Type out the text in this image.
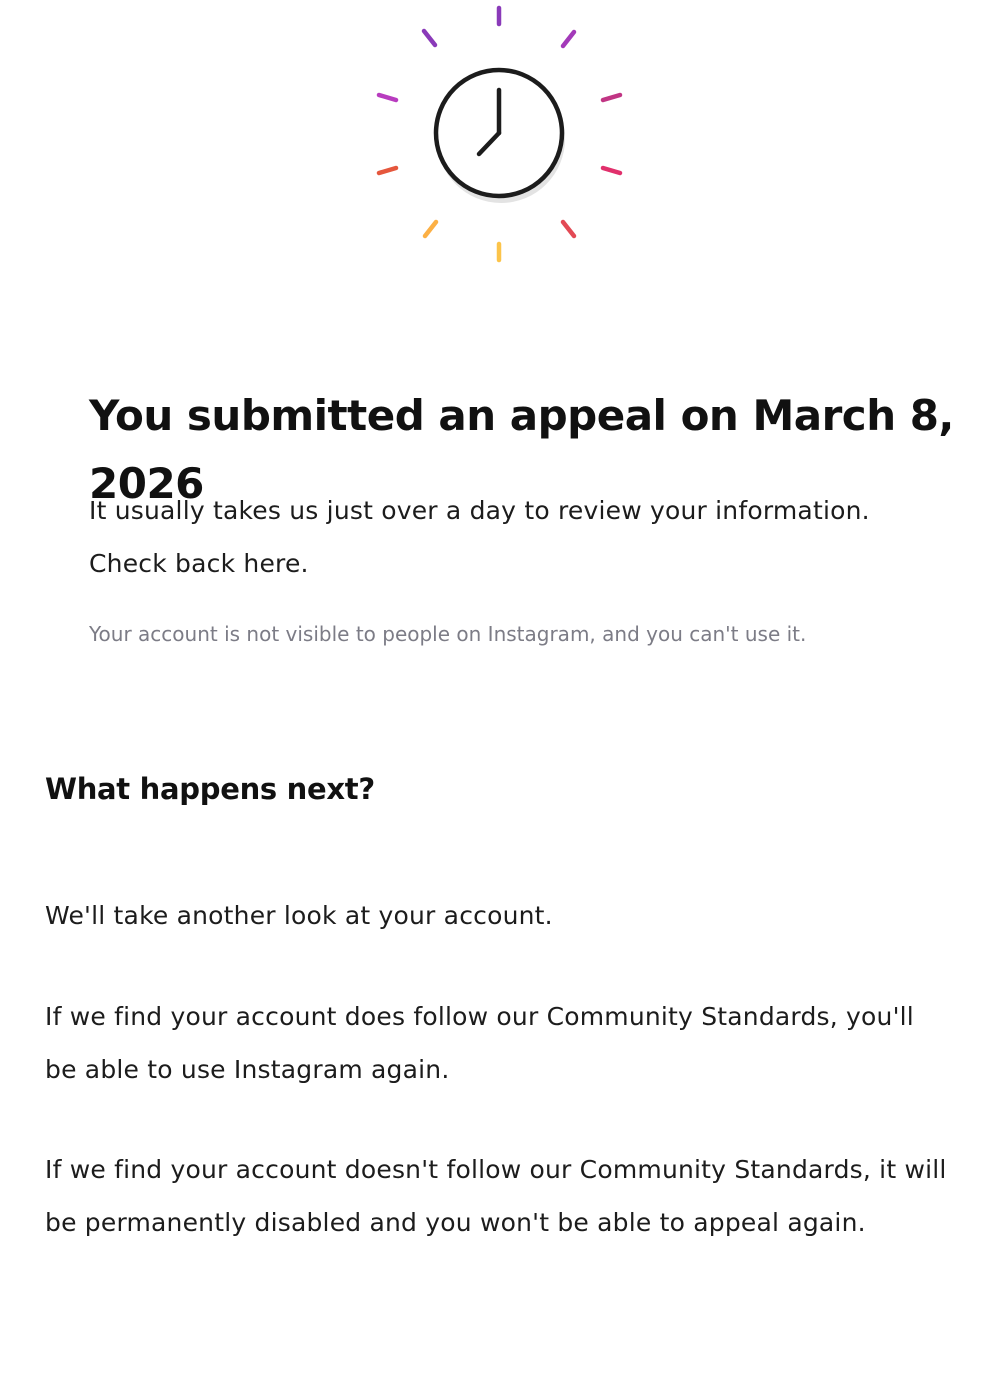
You submitted an appeal on March 8, 2026

It usually takes us just over a day to review your information. Check back here.

Your account is not visible to people on Instagram, and you can't use it.

What happens next?

We'll take another look at your account.

If we find your account does follow our Community Standards, you'll be able to use Instagram again.

If we find your account doesn't follow our Community Standards, it will be permanently disabled and you won't be able to appeal again.
